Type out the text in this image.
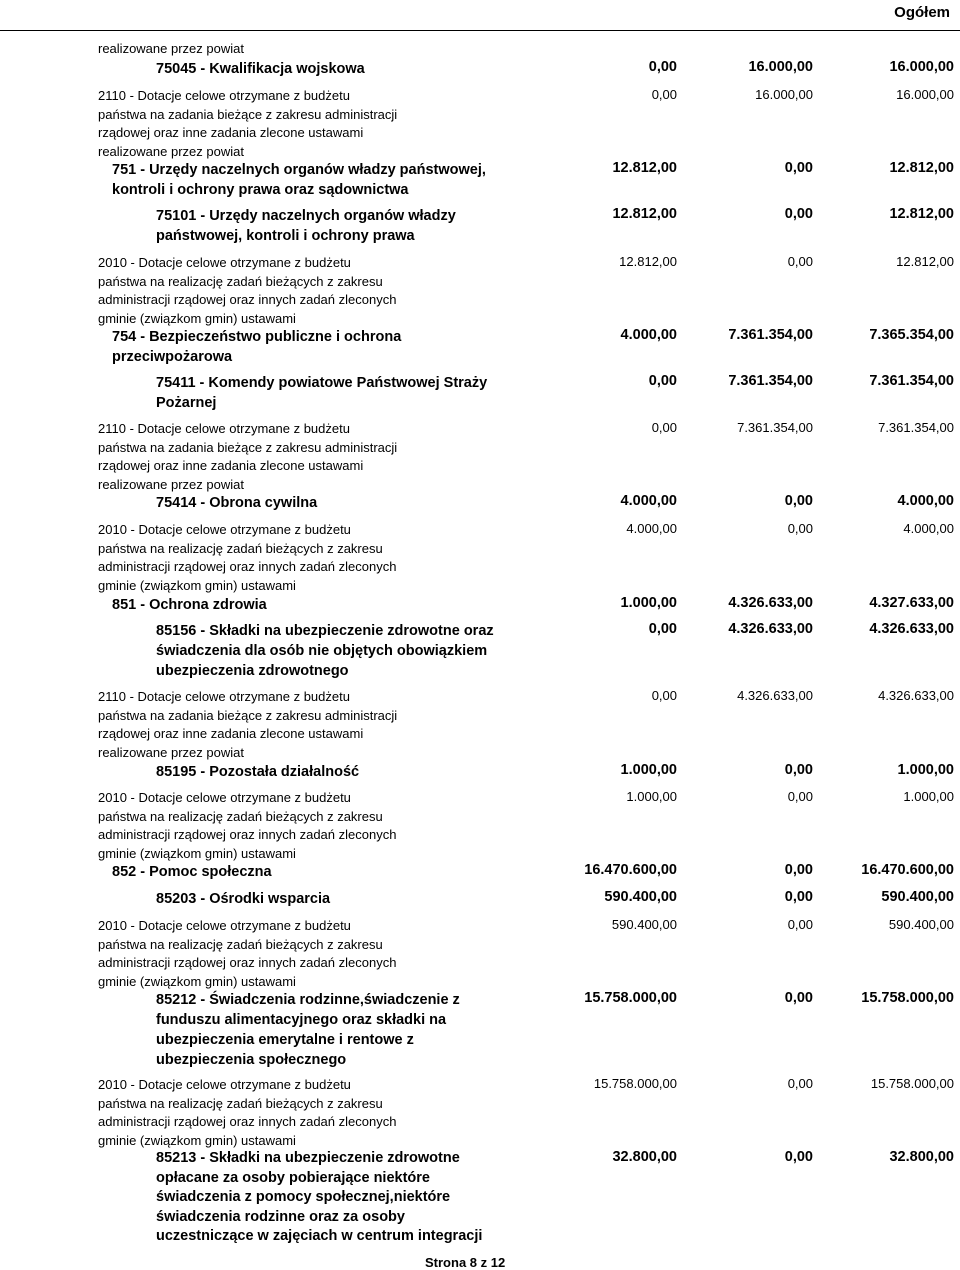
Ogółem
realizowane przez powiat
75045 - Kwalifikacja wojskowa	0,00	16.000,00	16.000,00
2110 - Dotacje celowe otrzymane z budżetu
państwa na zadania bieżące z zakresu administracji
rządowej oraz inne zadania zlecone ustawami
realizowane przez powiat
0,00	16.000,00	16.000,00
751 - Urzędy naczelnych organów władzy państwowej,
kontroli i ochrony prawa oraz sądownictwa
12.812,00	0,00	12.812,00
75101 - Urzędy naczelnych organów władzy
państwowej, kontroli i ochrony prawa
12.812,00	0,00	12.812,00
2010 - Dotacje celowe otrzymane z budżetu
państwa na realizację zadań bieżących z zakresu
administracji rządowej oraz innych zadań zleconych
gminie (związkom gmin) ustawami
12.812,00	0,00	12.812,00
754 - Bezpieczeństwo publiczne i ochrona
przeciwpożarowa
4.000,00	7.361.354,00	7.365.354,00
75411 - Komendy powiatowe Państwowej Straży
Pożarnej
0,00	7.361.354,00	7.361.354,00
2110 - Dotacje celowe otrzymane z budżetu
państwa na zadania bieżące z zakresu administracji
rządowej oraz inne zadania zlecone ustawami
realizowane przez powiat
0,00	7.361.354,00	7.361.354,00
75414 - Obrona cywilna	4.000,00	0,00	4.000,00
2010 - Dotacje celowe otrzymane z budżetu
państwa na realizację zadań bieżących z zakresu
administracji rządowej oraz innych zadań zleconych
gminie (związkom gmin) ustawami
4.000,00	0,00	4.000,00
851 - Ochrona zdrowia	1.000,00	4.326.633,00	4.327.633,00
85156 - Składki na ubezpieczenie zdrowotne oraz
świadczenia dla osób nie objętych obowiązkiem
ubezpieczenia zdrowotnego
0,00	4.326.633,00	4.326.633,00
2110 - Dotacje celowe otrzymane z budżetu
państwa na zadania bieżące z zakresu administracji
rządowej oraz inne zadania zlecone ustawami
realizowane przez powiat
0,00	4.326.633,00	4.326.633,00
85195 - Pozostała działalność	1.000,00	0,00	1.000,00
2010 - Dotacje celowe otrzymane z budżetu
państwa na realizację zadań bieżących z zakresu
administracji rządowej oraz innych zadań zleconych
gminie (związkom gmin) ustawami
1.000,00	0,00	1.000,00
852 - Pomoc społeczna	16.470.600,00	0,00	16.470.600,00
85203 - Ośrodki wsparcia	590.400,00	0,00	590.400,00
2010 - Dotacje celowe otrzymane z budżetu
państwa na realizację zadań bieżących z zakresu
administracji rządowej oraz innych zadań zleconych
gminie (związkom gmin) ustawami
590.400,00	0,00	590.400,00
85212 - Świadczenia rodzinne,świadczenie z
funduszu alimentacyjnego oraz składki na
ubezpieczenia emerytalne i rentowe z
ubezpieczenia społecznego
15.758.000,00	0,00	15.758.000,00
2010 - Dotacje celowe otrzymane z budżetu
państwa na realizację zadań bieżących z zakresu
administracji rządowej oraz innych zadań zleconych
gminie (związkom gmin) ustawami
15.758.000,00	0,00	15.758.000,00
85213 - Składki na ubezpieczenie zdrowotne
opłacane za osoby pobierające niektóre
świadczenia z pomocy społecznej,niektóre
świadczenia rodzinne oraz za osoby
uczestniczące w zajęciach w centrum integracji
32.800,00	0,00	32.800,00
Strona 8 z 12
